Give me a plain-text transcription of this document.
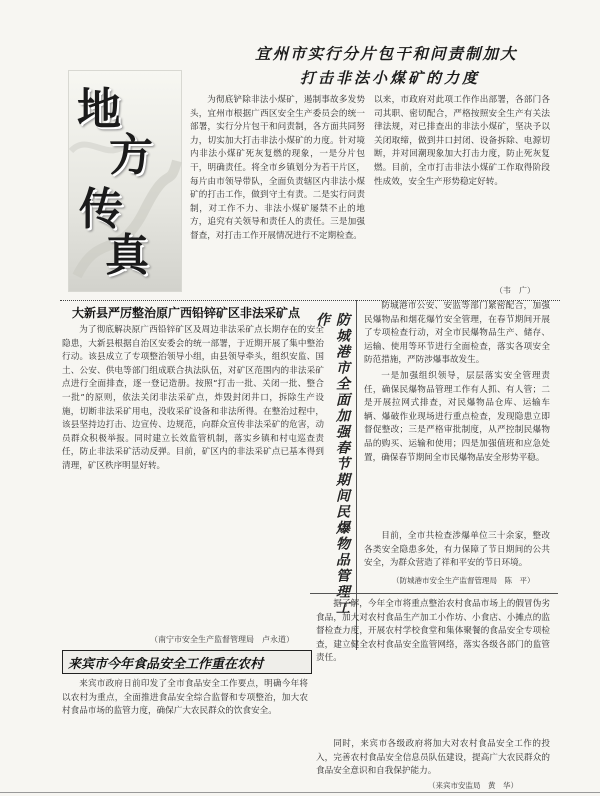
宜州市实行分片包干和问责制加大
打击非法小煤矿的力度
地
方
传
真

为彻底铲除非法小煤矿，遏制事故多发势头，宜州市根据广西区安全生产委员会的统一部署，实行分片包干和问责制，各方面共同努力，切实加大打击非法小煤矿的力度。针对境内非法小煤矿死灰复燃的现象，一是分片包干，明确责任。将全市乡镇划分为若干片区，每片由市领导带队，全面负责辖区内非法小煤矿的打击工作，做到守土有责。二是实行问责制，对工作不力、非法小煤矿屡禁不止的地方，追究有关领导和责任人的责任。三是加强督查，对打击工作开展情况进行不定期检查。

以来，市政府对此项工作作出部署，各部门各司其职、密切配合，严格按照安全生产有关法律法规，对已排查出的非法小煤矿，坚决予以关闭取缔，做到井口封闭、设备拆除、电源切断，并对回潮现象加大打击力度，防止死灰复燃。目前，全市打击非法小煤矿工作取得阶段性成效，安全生产形势稳定好转。

（韦　广）
大新县严厉整治原广西铅锌矿区非法采矿点

为了彻底解决原广西铅锌矿区及周边非法采矿点长期存在的安全隐患，大新县根据自治区安委会的统一部署，于近期开展了集中整治行动。该县成立了专项整治领导小组，由县领导牵头，组织安监、国土、公安、供电等部门组成联合执法队伍，对矿区范围内的非法采矿点进行全面排查，逐一登记造册。按照“打击一批、关闭一批、整合一批”的原则，依法关闭非法采矿点，炸毁封闭井口，拆除生产设施，切断非法采矿用电，没收采矿设备和非法所得。在整治过程中，该县坚持边打击、边宣传、边规范，向群众宣传非法采矿的危害，动员群众积极举报。同时建立长效监管机制，落实乡镇和村屯巡查责任，防止非法采矿活动反弹。目前，矿区内的非法采矿点已基本得到清理，矿区秩序明显好转。

（南宁市安全生产监督管理局　卢永道）
防城港市全面加强春节期间民爆物品管理工作

防城港市公安、安监等部门紧密配合，加强民爆物品和烟花爆竹安全管理，在春节期间开展了专项检查行动，对全市民爆物品生产、储存、运输、使用等环节进行全面检查，落实各项安全防范措施，严防涉爆事故发生。

一是加强组织领导，层层落实安全管理责任，确保民爆物品管理工作有人抓、有人管；二是开展拉网式排查，对民爆物品仓库、运输车辆、爆破作业现场进行重点检查，发现隐患立即督促整改；三是严格审批制度，从严控制民爆物品的购买、运输和使用；四是加强值班和应急处置，确保春节期间全市民爆物品安全形势平稳。

目前，全市共检查涉爆单位三十余家，整改各类安全隐患多处，有力保障了节日期间的公共安全，为群众营造了祥和平安的节日环境。

（防城港市安全生产监督管理局　陈　平）
来宾市今年食品安全工作重在农村

来宾市政府日前印发了全市食品安全工作要点，明确今年将以农村为重点，全面推进食品安全综合监督和专项整治，加大农村食品市场的监管力度，确保广大农民群众的饮食安全。

据了解，今年全市将重点整治农村食品市场上的假冒伪劣食品，加大对农村食品生产加工小作坊、小食店、小摊点的监督检查力度，开展农村学校食堂和集体聚餐的食品安全专项检查，建立健全农村食品安全监管网络，落实各级各部门的监管责任。

同时，来宾市各级政府将加大对农村食品安全工作的投入，完善农村食品安全信息员队伍建设，提高广大农民群众的食品安全意识和自我保护能力。

（来宾市安监局　黄　华）
